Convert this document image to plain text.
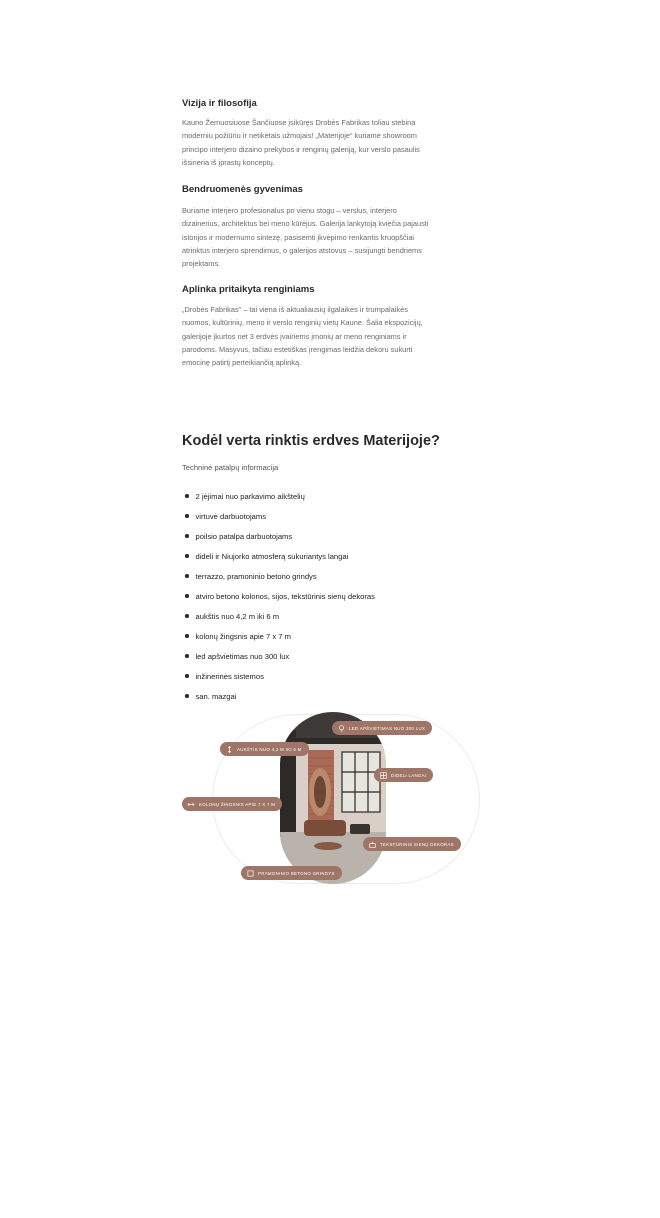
Vizija ir filosofija

Kauno Žemuosiuose Šančiuose įsikūręs Drobės Fabrikas toliau stebina
moderniu požiūriu ir netikėtais užmojais! „Materijoje“ kuriame showroom
principo interjero dizaino prekybos ir renginių galeriją, kur verslo pasaulis
išsineria iš įprastų konceptų.

Bendruomenės gyvenimas

Buriame interjero profesionalus po vienu stogu – verslus, interjero
dizainerius, architektus bei meno kūrėjus. Galerija lankytoją kviečia pajausti
istorijos ir modernumo sintezę, pasisemti įkvėpimo renkantis kruopščiai
atrinktus interjero sprendimus, o galerijos atstovus – susijungti bendriems
projektams.

Aplinka pritaikyta renginiams

„Drobės Fabrikas“ – tai viena iš aktualiausių ilgalaikės ir trumpalaikės
nuomos, kultūrinių, meno ir verslo renginių vietų Kaune. Šalia ekspozicijų,
galerijoje įkurtos net 3 erdvės įvairiems įmonių ar meno renginiams ir
parodoms. Masyvus, tačiau estetiškas įrengimas leidžia dekoru sukurti
emocinę patirtį perteikiančią aplinką.

Kodėl verta rinktis erdves Materijoje?

Techninė patalpų informacija

2 įėjimai nuo parkavimo aikštelių
virtuvė darbuotojams
poilsio patalpa darbuotojams
dideli ir Niujorko atmosferą sukuriantys langai
terrazzo, pramoninio betono grindys
atviro betono kolonos, sijos, tekstūrinis sienų dekoras
aukštis nuo 4,2 m iki 6 m
kolonų žingsnis apie 7 x 7 m
led apšvietimas nuo 300 lux
inžinerinės sistemos
san. mazgai
LED APŠVIETIMAS NUO 300 LUX
AUKŠTIS NUO 4,2 M IKI 6 M
DIDELI LANGAI
KOLONŲ ŽINGSNIS APIE 7 X 7 M
TEKSTŪRINIS SIENŲ DEKORAS
PRAMONINIO BETONO GRINDYS
